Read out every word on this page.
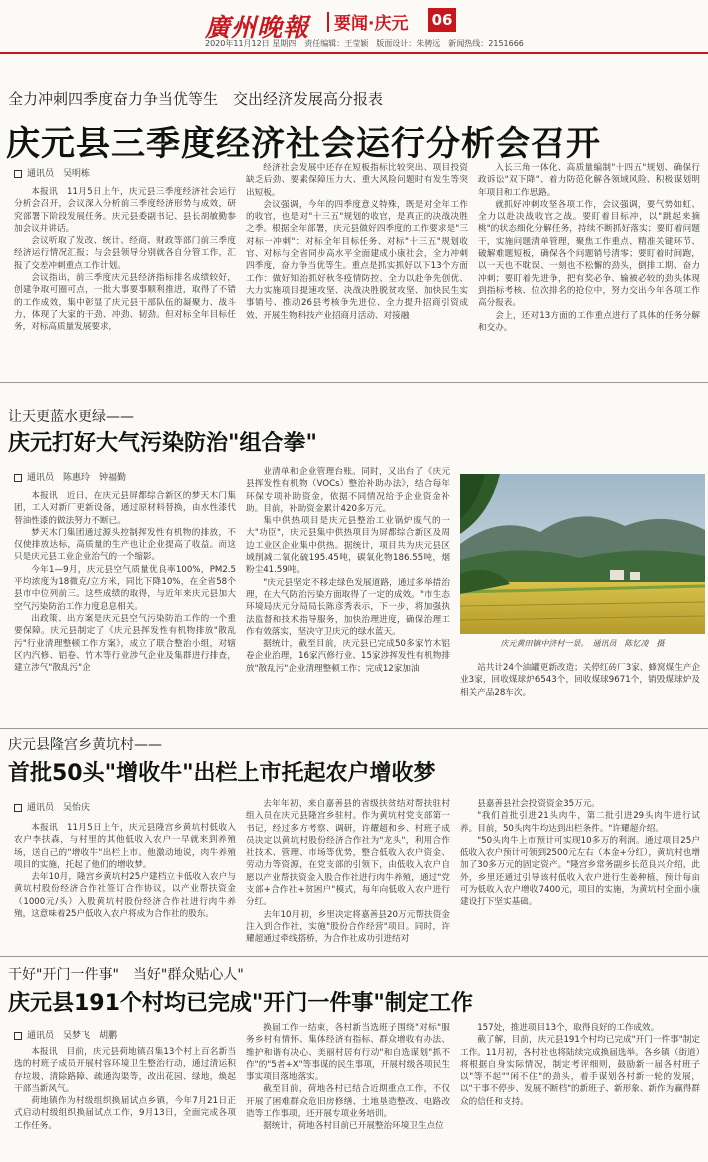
廣州晚報 要闻·庆元 06
2020年11月12日 星期四　责任编辑：王莹颖　版面设计：朱骋远　新闻热线：2151666
全力冲刺四季度奋力争当优等生　交出经济发展高分报表
庆元县三季度经济社会运行分析会召开
通讯员　吴明栋

本报讯　11月5日上午，庆元县三季度经济社会运行分析会召开，会议深入分析前三季度经济形势与成效，研究部署下阶段发展任务。庆元县委副书记、县长胡敏勤参加会议并讲话。

会议听取了发改、统计、经商、财政等部门前三季度经济运行情况汇报；与会县领导分别就各自分管工作，汇报了交差冲刺重点工作计划。

会议指出，前三季度庆元县经济指标排名成绩较好，创建争取可圈可点，一批大事要事顺利推进，取得了不错的工作成效，集中彰显了庆元县干部队伍的凝聚力、战斗力，体现了大家的干劲、冲劲、韧劲。但对标全年目标任务，对标高质量发展要求，

经济社会发展中还存在短板指标比较突出、项目投资缺乏后劲、要素保障压力大、重大风险问题时有发生等突出短板。

会议强调，今年的四季度意义特殊，既是对全年工作的收官，也是对"十三五"规划的收官，是真正的决战决胜之季。根据全年部署，庆元县做好四季度的工作要求是"三对标一冲刺"：对标全年目标任务、对标"十三五"规划收官、对标与全省同步高水平全面建成小康社会，全力冲刺四季度，奋力争当优等生。重点是抓实抓好以下13个方面工作：做好知治抓好秋冬疫情防控、全力以赴争先创优、大力实施项目提速攻坚、决战决胜脱贫攻坚、加快民生实事销号、推动26县考核争先进位、全力提升招商引资成效、开展生物科技产业招商月活动、对接融

入长三角一体化、高质量编制"十四五"规划、确保行政诉讼"双下降"、着力防范化解各领域风险、积极谋划明年项目和工作思路。

就抓好冲刺攻坚各项工作，会议强调，要气势如虹、全力以赴决战收官之战。要盯着目标冲，以"跳起来摘桃"的状态细化分解任务，持续不断抓好落实；要盯着问题干，实施问题清单管理，聚焦工作重点、精准关键环节、破解难题短板，确保各个问题销号清零；要盯着时间跑，以一天也不耽误、一刻也不松懈的劲头，倒排工期、奋力冲刺；要盯着先进争，把有奖必争、输被必较的劲头体现到指标考核、位次排名的抢位中，努力交出今年各项工作高分报表。

会上，还对13方面的工作重点进行了具体的任务分解和交办。

让天更蓝水更绿——
庆元打好大气污染防治"组合拳"
通讯员　陈惠玲　钟福勤

本报讯　近日，在庆元县屏都综合新区的梦天木门集团，工人对新厂更新设备，通过原材料替换，由水性漆代替油性漆的做法努力不断已。

梦天木门集团通过源头控制挥发性有机物的排放，不仅使排放达标，高质量的生产也让企业提高了收益。而这只是庆元县工业企业治气的一个缩影。

今年1—9月，庆元县空气质量优良率100%，PM2.5平均浓度为18微克/立方米，同比下降10%，在全省58个县市中位列前三。这些成绩的取得，与近年来庆元县加大空气污染防治工作力度息息相关。

出政策、出方案是庆元县空气污染防治工作的一个重要保障。庆元县制定了《庆元县挥发性有机物排放"散乱污"行业清理整顿工作方案》，成立了联合整治小组，对辖区内汽修、铝卷、竹木等行业涉气企业及集群进行排查，建立涉气"散乱污"企

业清单和企业管理台账。同时，又出台了《庆元县挥发性有机物（VOCs）整治补助办法》，结合每年环保专项补助资金，依据不同情况给予企业资金补助。目前，补助资金累计420多万元。

集中供热项目是庆元县整治工业锅炉废气的一大"功臣"，庆元县集中供热项目为屏都综合新区及周边工业区企业集中供热。据统计，项目共为庆元县区域削减二氧化硫195.45吨，碳氧化物186.55吨，烟粉尘41.59吨。

"庆元县坚定不移走绿色发展道路，通过多举措治理，在大气防治污染方面取得了一定的成效。"市生态环境局庆元分局局长陈彦秀表示，下一步，将加强执法监督和技术指导服务，加快治理进度，确保治理工作有效落实，坚决守卫庆元的绿水蓝天。

据统计，截至目前，庆元县已完成50多家竹木铝卷企业治理，16家汽修行业、15家涉挥发性有机物排放"散乱污"企业清理整顿工作；完成12家加油

庆元黄田镇中济村一景。　通讯员　陈忆凌　摄

站共计24个油罐更新改造；关停红砖厂3家、蜂窝煤生产企业3家，回收煤球炉6543个，回收煤球9671个，销毁煤球炉及相关产品28车次。

庆元县隆宫乡黄坑村——
首批50头"增收牛"出栏上市托起农户增收梦
通讯员　吴怡庆

本报讯　11月5日上午，庆元县隆宫乡黄坑村低收入农户李扶森，与村里的其他低收入农户一早就来到养殖场，送自己的"增收牛"出栏上市。他激动地说，肉牛养殖项目的实施，托起了他们的增收梦。

去年10月，隆宫乡黄坑村25户建档立卡低收入农户与黄坑村股份经济合作社签订合作协议，以产业帮扶资金（1000元/头）入股黄坑村股份经济合作社进行肉牛养殖，这意味着25户低收入农户将成为合作社的股东。

去年年初，来自嘉善县的省级扶贫结对帮扶驻村组入员在庆元县隆宫乡驻村。作为黄坑村党支部第一书记，经过多方考察、调研，许耀超和乡、村班子成员决定以黄坑村股份经济合作社为"龙头"，利用合作社技术、管理、市场等优势，整合低收入农户资金、劳动力等资源，在党支部的引领下，由低收入农户自愿以产业帮扶资金入股合作社进行肉牛养殖，通过"党支部+合作社+贫困户"模式，每年向低收入农户进行分红。

去年10月初，乡里决定将嘉善县20万元帮扶资金注入到合作社，实施"股份合作经营"项目。同时，许耀超通过牵线搭桥，为合作社成功引进结对

县嘉善县社会投资资金35万元。

"我们首批引进21头肉牛，第二批引进29头肉牛进行试养。目前，50头肉牛均达到出栏条件。"许耀超介绍。

"50头肉牛上市预计可实现10多万的利润。通过项目25户低收入农户预计可领到2500元左右（本金+分红），黄坑村也增加了30多万元的固定资产。"隆宫乡常务副乡长范良兴介绍，此外，乡里还通过引导该村低收入农户进行生姜种植，预计每亩可为低收入农户增收7400元，项目的实施，为黄坑村全面小康建设打下坚实基础。

干好"开门一件事"　当好"群众贴心人"
庆元县191个村均已完成"开门一件事"制定工作
通讯员　吴梦飞　胡鹏

本报讯　目前，庆元县荷地镇召集13个村上百名新当选的村班子成员开展村容环境卫生整治行动，通过清运积存垃圾、清除路障、疏通沟渠等，改出花园、绿地，焕起干部当新风气。

荷地镇作为村级组织换届试点乡镇，今年7月21日正式启动村级组织换届试点工作，9月13日，全面完成各项工作任务。

换届工作一结束，各村新当选班子围绕"对标"服务乡村有情怀、集体经济有指标、群众增收有办法、维护和谐有决心、美丽村居有行动"和自选谋划"抓不作"的"5者+X"等事谋的民生事项，开展村级各项民生事实项目落地落实。

截至目前，荷地各村已结合近期重点工作，不仅开展了困难群众危旧房修缮、土地垦造整改、电路改造等工作事项，还开展专项业务培训。

据统计，荷地各村目前已开展整治环境卫生点位

157处，推进项目13个，取得良好的工作成效。

截了解，目前，庆元县191个村均已完成"开门一件事"制定工作。11月初，各村社也将陆续完成换届选举。各乡镇（街道）将根据自身实际情况，制定考评细则，鼓励新一届各村班子以"等不起""闲不住"的劲头，着手谋划各村新一轮的发展，以"干事不停步、发展不断档"的新班子、新形象、新作为赢得群众的信任和支持。
